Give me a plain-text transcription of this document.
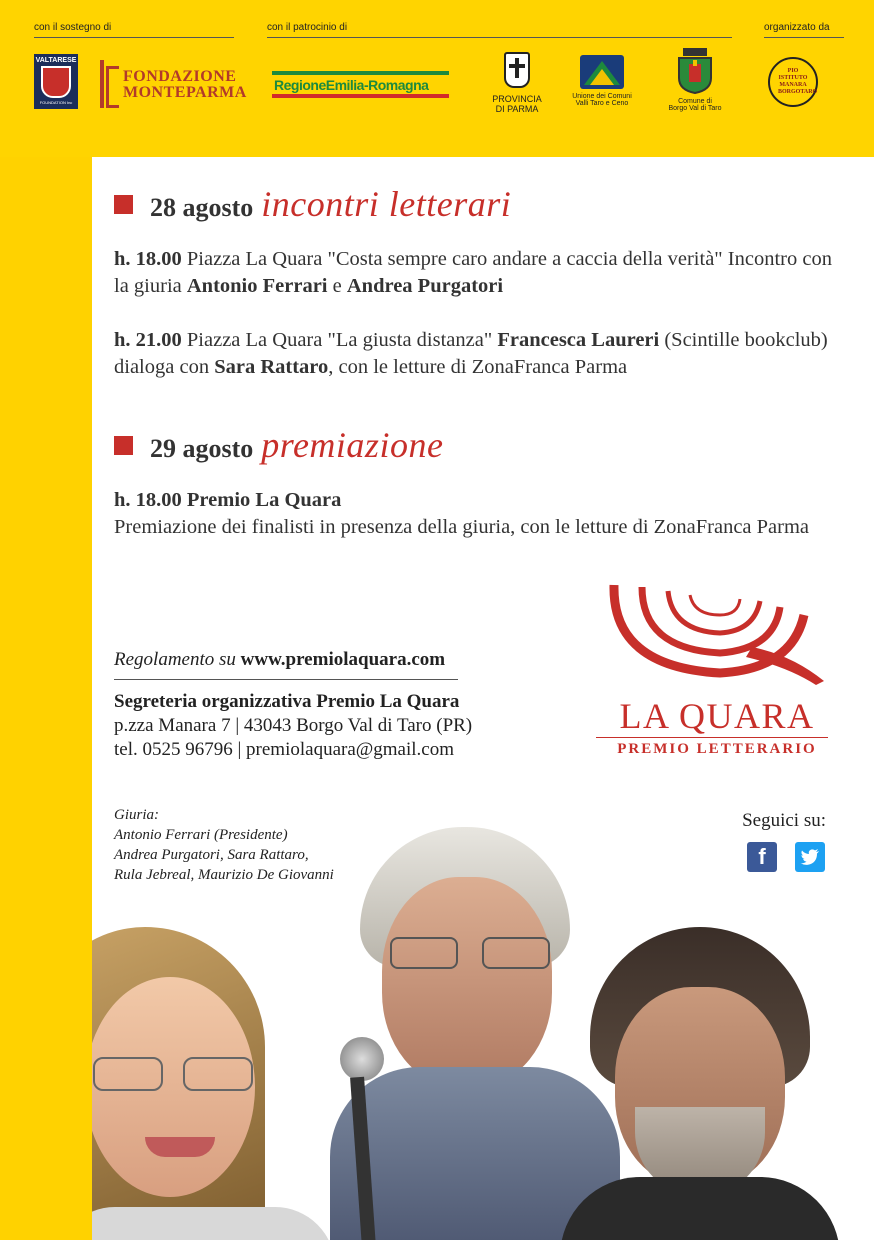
con il sostegno di	con il patrocinio di	organizzato da
VALTARESE
FOUNDATION Inc
FONDAZIONE
MONTEPARMA RegioneEmilia-Romagna
PROVINCIA
DI PARMA
Unione dei Comuni
Valli Taro e Ceno	Comune di
Borgo Val di Taro
PIO ISTITUTO MANARA BORGOTARO
28 agosto incontri letterari
h. 18.00 Piazza La Quara "Costa sempre caro andare a caccia della verità" Incontro con la giuria Antonio Ferrari e Andrea Purgatori
h. 21.00 Piazza La Quara "La giusta distanza" Francesca Laureri (Scintille bookclub) dialoga con Sara Rattaro, con le letture di ZonaFranca Parma
29 agosto premiazione
h. 18.00 Premio La Quara
Premiazione dei finalisti in presenza della giuria, con le letture di ZonaFranca Parma
Regolamento su www.premiolaquara.com
Segreteria organizzativa Premio La Quara
p.zza Manara 7 | 43043 Borgo Val di Taro (PR)
tel. 0525 96796 | premiolaquara@gmail.com
LA QUARA
PREMIO LETTERARIO
Giuria:
Antonio Ferrari (Presidente)
Andrea Purgatori, Sara Rattaro,
Rula Jebreal, Maurizio De Giovanni
Seguici su:
f
